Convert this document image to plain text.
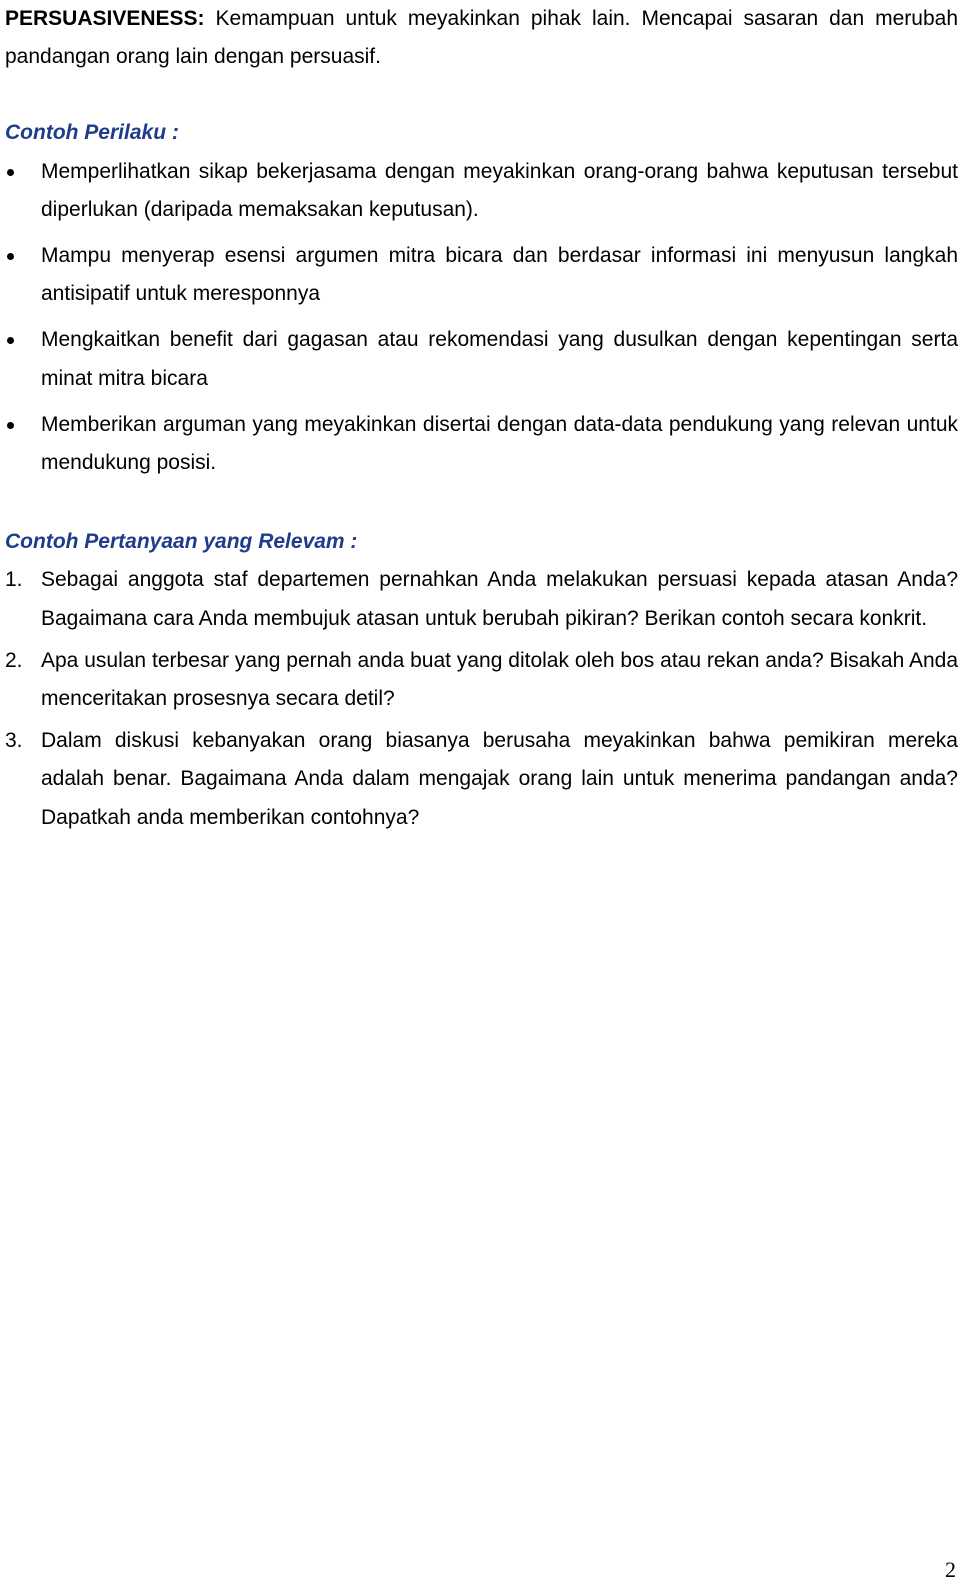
PERSUASIVENESS: Kemampuan untuk meyakinkan pihak lain. Mencapai sasaran dan merubah pandangan orang lain dengan persuasif.

Contoh Perilaku :

Memperlihatkan sikap bekerjasama dengan meyakinkan orang-orang bahwa keputusan tersebut diperlukan (daripada memaksakan keputusan).

Mampu menyerap esensi argumen mitra bicara dan berdasar informasi ini menyusun langkah antisipatif untuk meresponnya

Mengkaitkan benefit dari gagasan atau rekomendasi yang dusulkan dengan kepentingan serta minat mitra bicara

Memberikan arguman yang meyakinkan disertai dengan data-data pendukung yang relevan untuk mendukung posisi.

Contoh Pertanyaan yang Relevam :

1. Sebagai anggota staf departemen pernahkan Anda melakukan persuasi kepada atasan Anda? Bagaimana cara Anda membujuk atasan untuk berubah pikiran? Berikan contoh secara konkrit.

2. Apa usulan terbesar yang pernah anda buat yang ditolak oleh bos atau rekan anda? Bisakah Anda menceritakan prosesnya secara detil?

3. Dalam diskusi kebanyakan orang biasanya berusaha meyakinkan bahwa pemikiran mereka adalah benar. Bagaimana Anda dalam mengajak orang lain untuk menerima pandangan anda? Dapatkah anda memberikan contohnya?

2
